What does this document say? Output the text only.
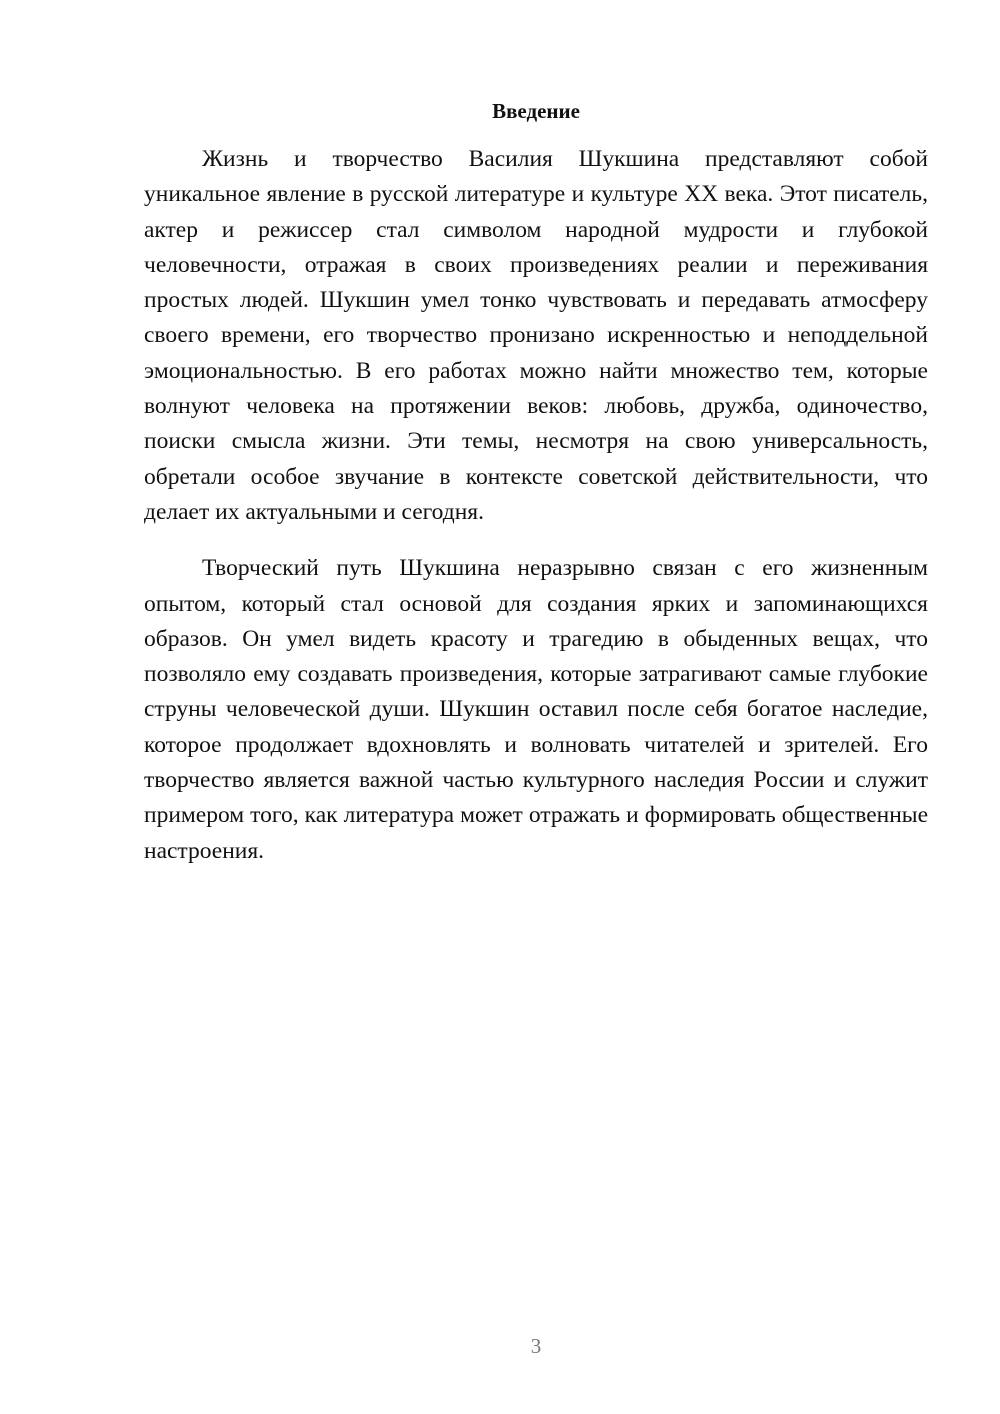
Введение

Жизнь и творчество Василия Шукшина представляют собой уникальное явление в русской литературе и культуре XX века. Этот писатель, актер и режиссер стал символом народной мудрости и глубокой человечности, отражая в своих произведениях реалии и переживания простых людей. Шукшин умел тонко чувствовать и передавать атмосферу своего времени, его творчество пронизано искренностью и неподдельной эмоциональностью. В его работах можно найти множество тем, которые волнуют человека на протяжении веков: любовь, дружба, одиночество, поиски смысла жизни. Эти темы, несмотря на свою универсальность, обретали особое звучание в контексте советской действительности, что делает их актуальными и сегодня.

Творческий путь Шукшина неразрывно связан с его жизненным опытом, который стал основой для создания ярких и запоминающихся образов. Он умел видеть красоту и трагедию в обыденных вещах, что позволяло ему создавать произведения, которые затрагивают самые глубокие струны человеческой души. Шукшин оставил после себя богатое наследие, которое продолжает вдохновлять и волновать читателей и зрителей. Его творчество является важной частью культурного наследия России и служит примером того, как литература может отражать и формировать общественные настроения.

3
